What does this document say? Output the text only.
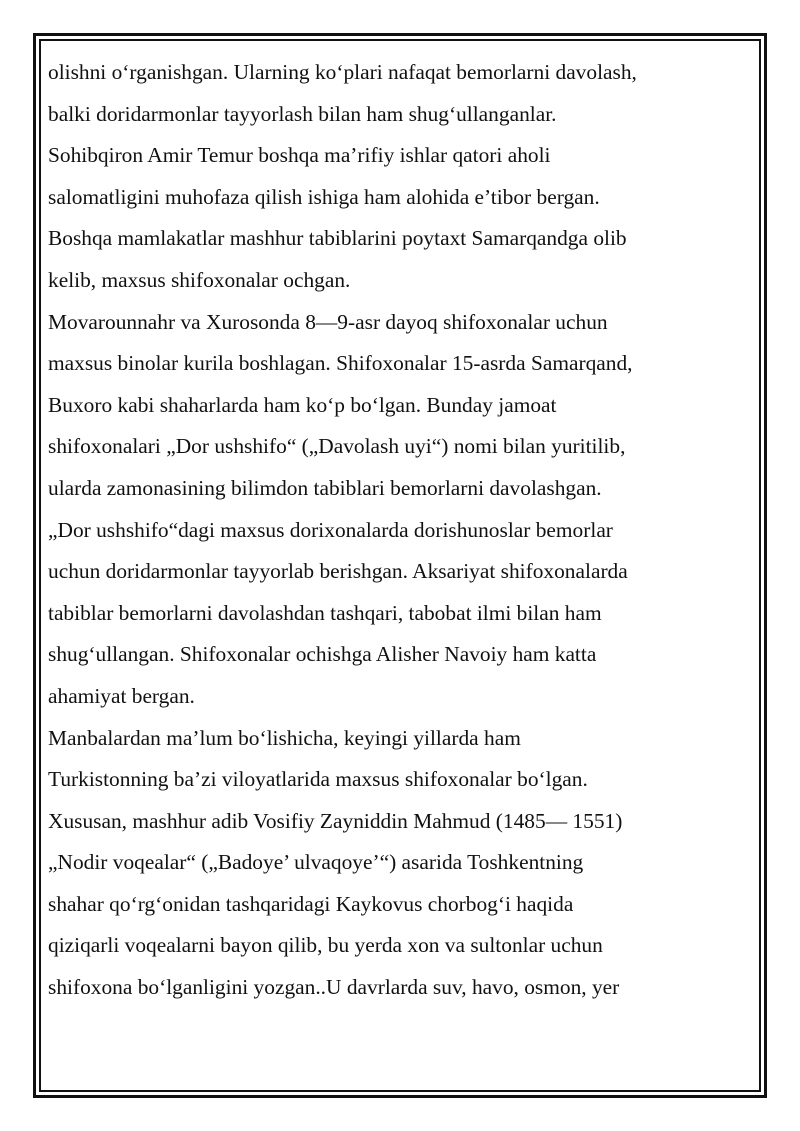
olishni o‘rganishgan. Ularning ko‘plari nafaqat bemorlarni davolash,
balki doridarmonlar tayyorlash bilan ham shug‘ullanganlar.
Sohibqiron Amir Temur boshqa ma’rifiy ishlar qatori aholi
salomatligini muhofaza qilish ishiga ham alohida e’tibor bergan.
Boshqa mamlakatlar mashhur tabiblarini poytaxt Samarqandga olib
kelib, maxsus shifoxonalar ochgan.
Movarounnahr va Xurosonda 8—9-asr dayoq shifoxonalar uchun
maxsus binolar kurila boshlagan. Shifoxonalar 15-asrda Samarqand,
Buxoro kabi shaharlarda ham ko‘p bo‘lgan. Bunday jamoat
shifoxonalari „Dor ushshifo“ („Davolash uyi“) nomi bilan yuritilib,
ularda zamonasining bilimdon tabiblari bemorlarni davolashgan.
„Dor ushshifo“dagi maxsus dorixonalarda dorishunoslar bemorlar
uchun doridarmonlar tayyorlab berishgan. Aksariyat shifoxonalarda
tabiblar bemorlarni davolashdan tashqari, tabobat ilmi bilan ham
shug‘ullangan. Shifoxonalar ochishga Alisher Navoiy ham katta
ahamiyat bergan.
Manbalardan ma’lum bo‘lishicha, keyingi yillarda ham
Turkistonning ba’zi viloyatlarida maxsus shifoxonalar bo‘lgan.
Xususan, mashhur adib Vosifiy Zayniddin Mahmud (1485— 1551)
„Nodir voqealar“ („Badoye’ ulvaqoye’“) asarida Toshkentning
shahar qo‘rg‘onidan tashqaridagi Kaykovus chorbog‘i haqida
qiziqarli voqealarni bayon qilib, bu yerda xon va sultonlar uchun
shifoxona bo‘lganligini yozgan..U davrlarda suv, havo, osmon, yer
